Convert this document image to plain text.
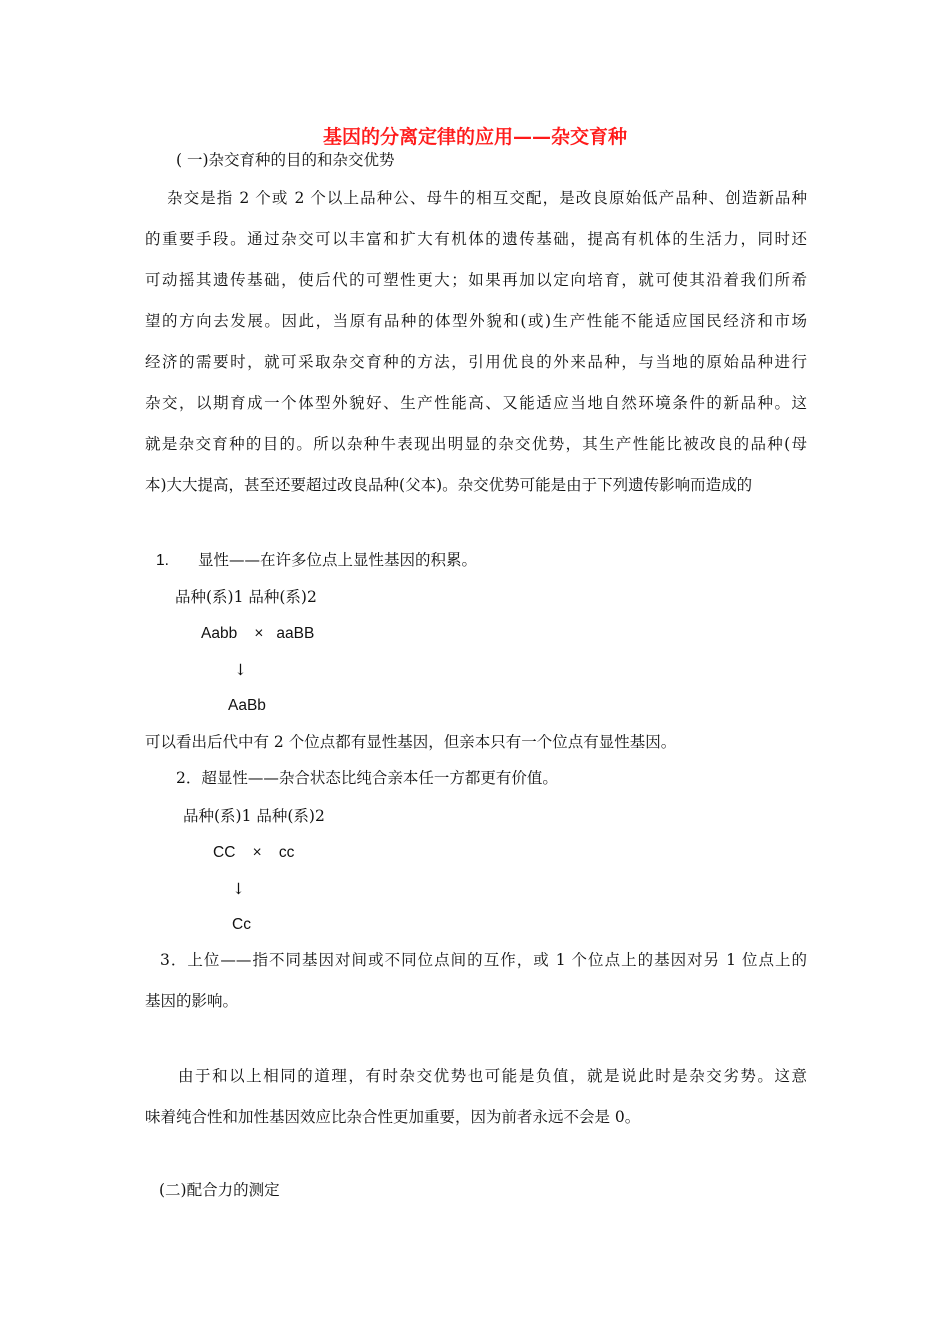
基因的分离定律的应用——杂交育种
( 一)杂交育种的目的和杂交优势
杂交是指 2 个或 2 个以上品种公、母牛的相互交配，是改良原始低产品种、创造新品种
的重要手段。通过杂交可以丰富和扩大有机体的遗传基础，提高有机体的生活力，同时还
可动摇其遗传基础，使后代的可塑性更大；如果再加以定向培育，就可使其沿着我们所希
望的方向去发展。因此，当原有品种的体型外貌和(或)生产性能不能适应国民经济和市场
经济的需要时，就可采取杂交育种的方法，引用优良的外来品种，与当地的原始品种进行
杂交，以期育成一个体型外貌好、生产性能高、又能适应当地自然环境条件的新品种。这
就是杂交育种的目的。所以杂种牛表现出明显的杂交优势，其生产性能比被改良的品种(母
本)大大提高，甚至还要超过改良品种(父本)。杂交优势可能是由于下列遗传影响而造成的
1. 显性——在许多位点上显性基因的积累。
品种(系)1 品种(系)2
Aabb    ×   aaBB
↓
AaBb
可以看出后代中有 2 个位点都有显性基因，但亲本只有一个位点有显性基因。
2．超显性——杂合状态比纯合亲本任一方都更有价值。
品种(系)1 品种(系)2
CC    ×    cc
↓
Cc
3．上位——指不同基因对间或不同位点间的互作，或 1 个位点上的基因对另 1 位点上的
基因的影响。
由于和以上相同的道理，有时杂交优势也可能是负值，就是说此时是杂交劣势。这意
味着纯合性和加性基因效应比杂合性更加重要，因为前者永远不会是 0。
(二)配合力的测定
